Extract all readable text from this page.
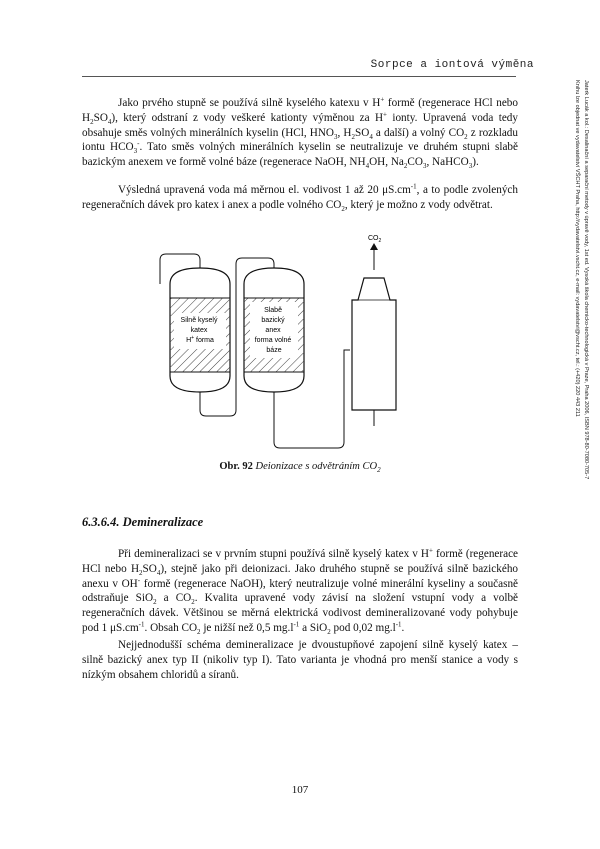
Sorpce a iontová výměna
Jaterk Lucák a kol.: Desalinační a separační metody v úpravě vody, 1st ed. Vysoká škola chemicko-technologická v Praze, Praha 2006, ISBN 978-80-7080-705-7
Knihu lze objednat ve vydavatelství VŠCHT Praha, http://vydavatelstvi.vscht.cz, e-mail: vydavatelstvi@vscht.cz, tel.: (+420) 220 443 211

Jako prvého stupně se používá silně kyselého katexu v H+ formě (regenerace HCl nebo $H_2SO_4$), který odstraní z vody veškeré kationty výměnou za H+ ionty. Upravená voda tedy obsahuje směs volných minerálních kyselin (HCl, $HNO_3$, $H_2SO_4$ a další) a volný $CO_2$ z rozkladu iontu $HCO_3^-$. Tato směs volných minerálních kyselin se neutralizuje ve druhém stupni slabě bazickým anexem ve formě volné báze (regenerace NaOH, $NH_4OH$, $Na_2CO_3$, NaHCO$_3$).

Výsledná upravená voda má měrnou el. vodivost 1 až 20 $\mu S.cm^{-1}$, a to podle zvolených regeneračních dávek pro katex i anex a podle volného $CO_2$, který je možno z vody odvětrat.

$CO_2$
Silně kyselý katex H+ forma
Slabě bazický anex forma volné báze
Obr. 92 Deionizace s odvětráním $CO_2$
6.3.6.4. Demineralizace

Při demineralizaci se v prvním stupni používá silně kyselý katex v H+ formě (regenerace HCl nebo $H_2SO_4$), stejně jako při deionizaci. Jako druhého stupně se používá silně bazického anexu v OH- formě (regenerace NaOH), který neutralizuje volné minerální kyseliny a současně odstraňuje SiO$_2$ a $CO_2$. Kvalita upravené vody závisí na složení vstupní vody a volbě regeneračních dávek. Většinou se měrná elektrická vodivost demineralizované vody pohybuje pod 1 $\mu S.cm^{-1}$. Obsah $CO_2$ je nižší než 0,5 $mg.l^{-1}$ a SiO$_2$ pod 0,02 $mg.l^{-1}$.

Nejjednodušší schéma demineralizace je dvoustupňové zapojení silně kyselý katex – silně bazický anex typ II (nikoliv typ I). Tato varianta je vhodná pro menší stanice a vody s nízkým obsahem chloridů a síranů.

107
